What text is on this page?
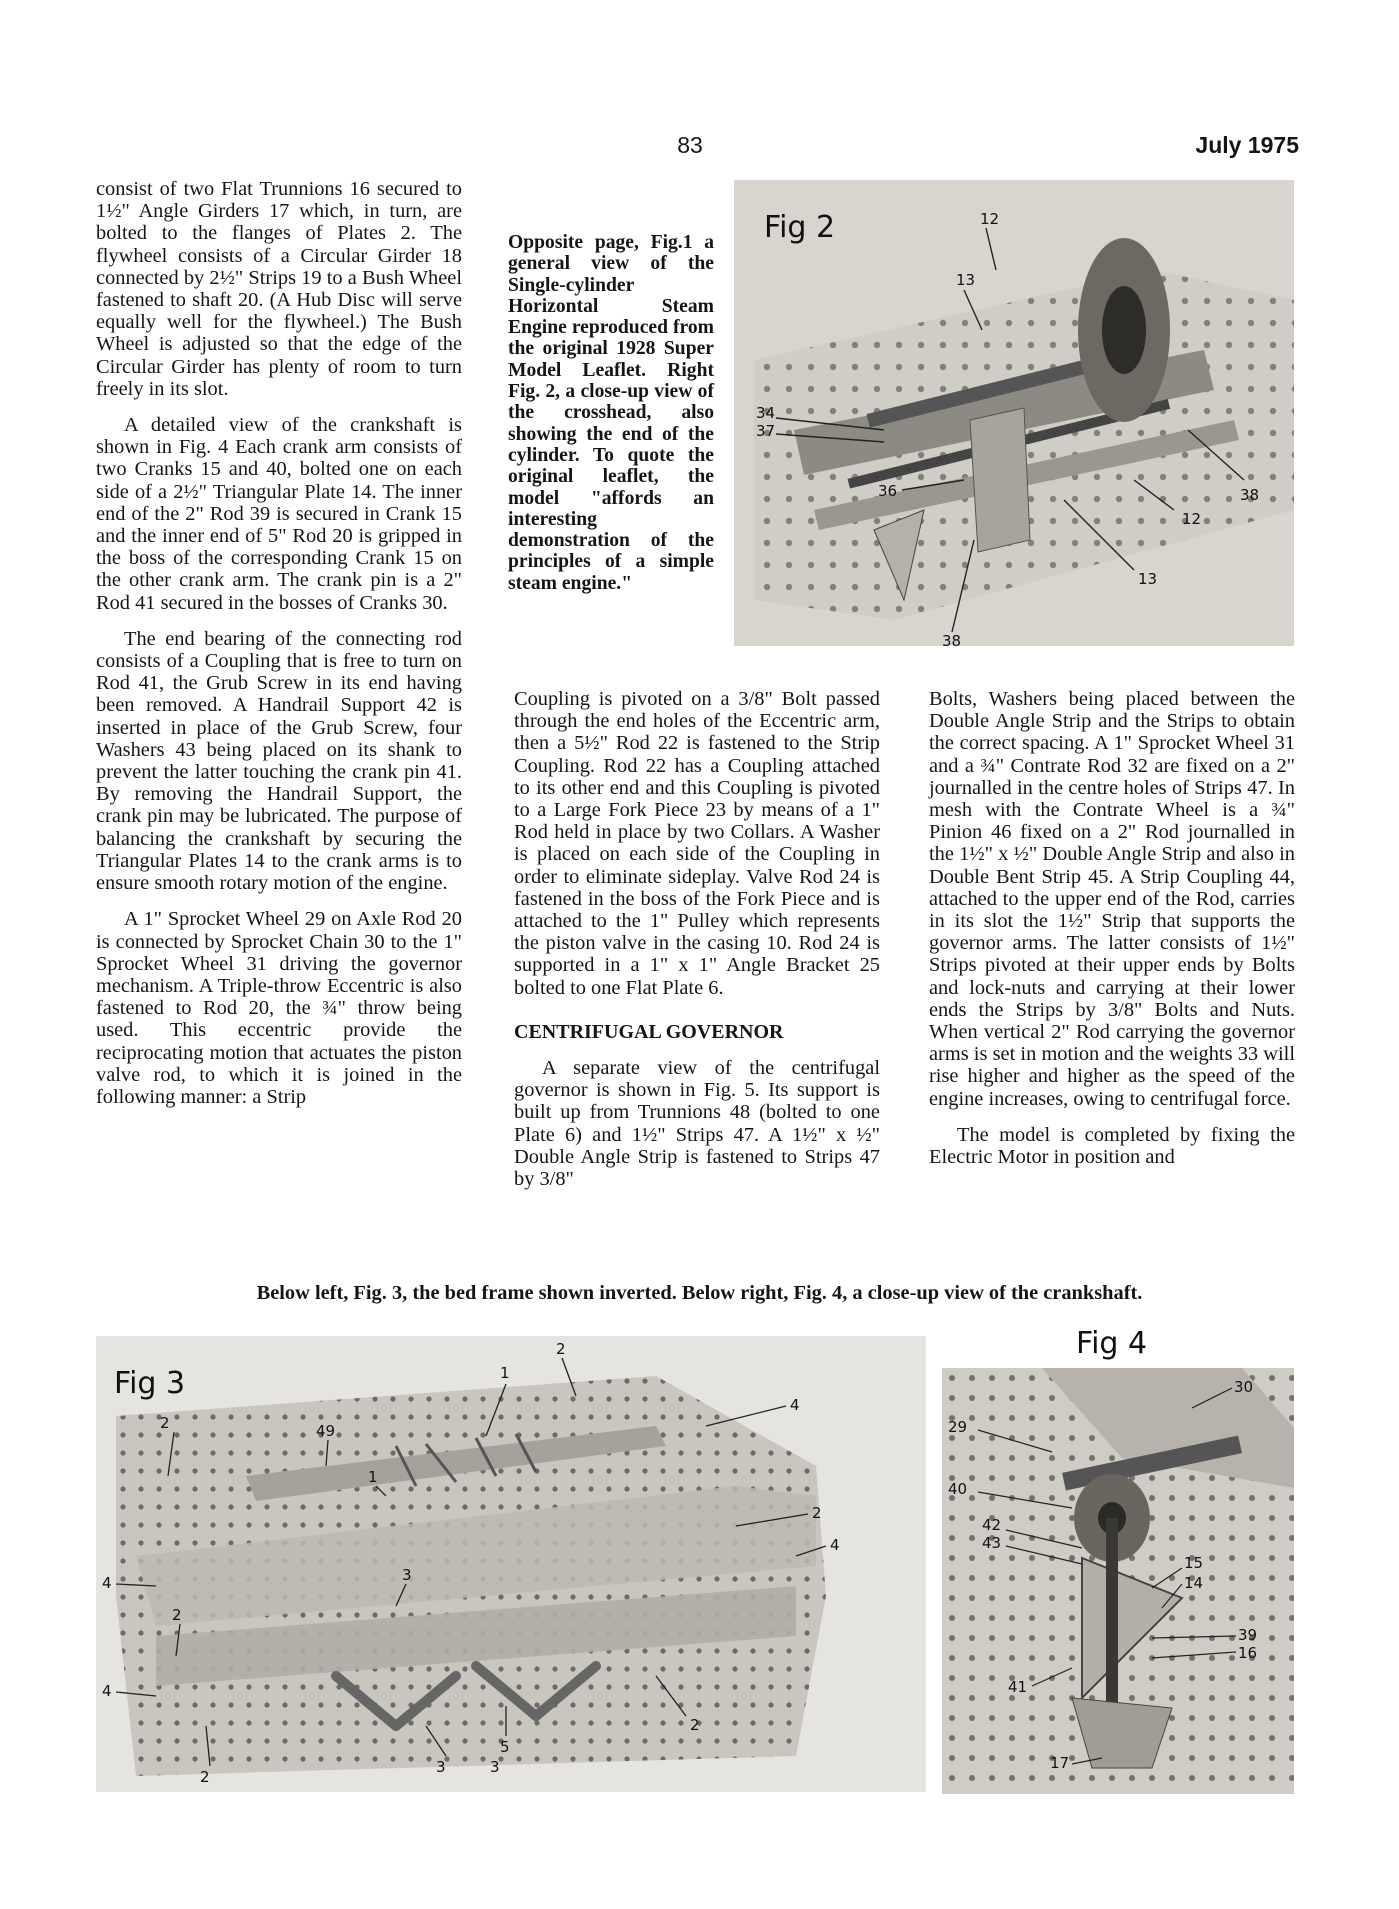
83	July 1975

consist of two Flat Trunnions 16 secured to 1½" Angle Girders 17 which, in turn, are bolted to the flanges of Plates 2. The flywheel consists of a Circular Girder 18 connected by 2½" Strips 19 to a Bush Wheel fastened to shaft 20. (A Hub Disc will serve equally well for the flywheel.) The Bush Wheel is adjusted so that the edge of the Circular Girder has plenty of room to turn freely in its slot.

A detailed view of the crankshaft is shown in Fig. 4 Each crank arm consists of two Cranks 15 and 40, bolted one on each side of a 2½" Triangular Plate 14. The inner end of the 2" Rod 39 is secured in Crank 15 and the inner end of 5" Rod 20 is gripped in the boss of the corresponding Crank 15 on the other crank arm. The crank pin is a 2" Rod 41 secured in the bosses of Cranks 30.

The end bearing of the connecting rod consists of a Coupling that is free to turn on Rod 41, the Grub Screw in its end having been removed. A Handrail Support 42 is inserted in place of the Grub Screw, four Washers 43 being placed on its shank to prevent the latter touching the crank pin 41. By removing the Handrail Support, the crank pin may be lubricated. The purpose of balancing the crankshaft by securing the Triangular Plates 14 to the crank arms is to ensure smooth rotary motion of the engine.

A 1" Sprocket Wheel 29 on Axle Rod 20 is connected by Sprocket Chain 30 to the 1" Sprocket Wheel 31 driving the governor mechanism. A Triple-throw Eccentric is also fastened to Rod 20, the ¾" throw being used. This eccentric provide the reciprocating motion that actuates the piston valve rod, to which it is joined in the following manner: a Strip

Opposite page, Fig.1 a general view of the Single-cylinder Horizontal Steam Engine reproduced from the original 1928 Super Model Leaflet. Right Fig. 2, a close-up view of the crosshead, also showing the end of the cylinder. To quote the original leaflet, the model "affords an interesting demonstration of the principles of a simple steam engine."
12
13
34
37
36	38
12
13
38
Fig 2

Coupling is pivoted on a 3/8" Bolt passed through the end holes of the Eccentric arm, then a 5½" Rod 22 is fastened to the Strip Coupling. Rod 22 has a Coupling attached to its other end and this Coupling is pivoted to a Large Fork Piece 23 by means of a 1" Rod held in place by two Collars. A Washer is placed on each side of the Coupling in order to eliminate sideplay. Valve Rod 24 is fastened in the boss of the Fork Piece and is attached to the 1" Pulley which represents the piston valve in the casing 10. Rod 24 is supported in a 1" x 1" Angle Bracket 25 bolted to one Flat Plate 6.

CENTRIFUGAL GOVERNOR

A separate view of the centrifugal governor is shown in Fig. 5. Its support is built up from Trunnions 48 (bolted to one Plate 6) and 1½" Strips 47. A 1½" x ½" Double Angle Strip is fastened to Strips 47 by 3/8"

Bolts, Washers being placed between the Double Angle Strip and the Strips to obtain the correct spacing. A 1" Sprocket Wheel 31 and a ¾" Contrate Rod 32 are fixed on a 2" journalled in the centre holes of Strips 47. In mesh with the Contrate Wheel is a ¾" Pinion 46 fixed on a 2" Rod journalled in the 1½" x ½" Double Angle Strip and also in Double Bent Strip 45. A Strip Coupling 44, attached to the upper end of the Rod, carries in its slot the 1½" Strip that supports the governor arms. The latter consists of 1½" Strips pivoted at their upper ends by Bolts and lock-nuts and carrying at their lower ends the Strips by 3/8" Bolts and Nuts. When vertical 2" Rod carrying the governor arms is set in motion and the weights 33 will rise higher and higher as the speed of the engine increases, owing to centrifugal force.

The model is completed by fixing the Electric Motor in position and

Below left, Fig. 3, the bed frame shown inverted. Below right, Fig. 4, a close-up view of the crankshaft.
2
1
49
4
2
2
4
1
3
2
4
3
4
2
5
3
2
Fig 3
Fig 4
30
29
40
42
43
15
14
39
16
41
17
